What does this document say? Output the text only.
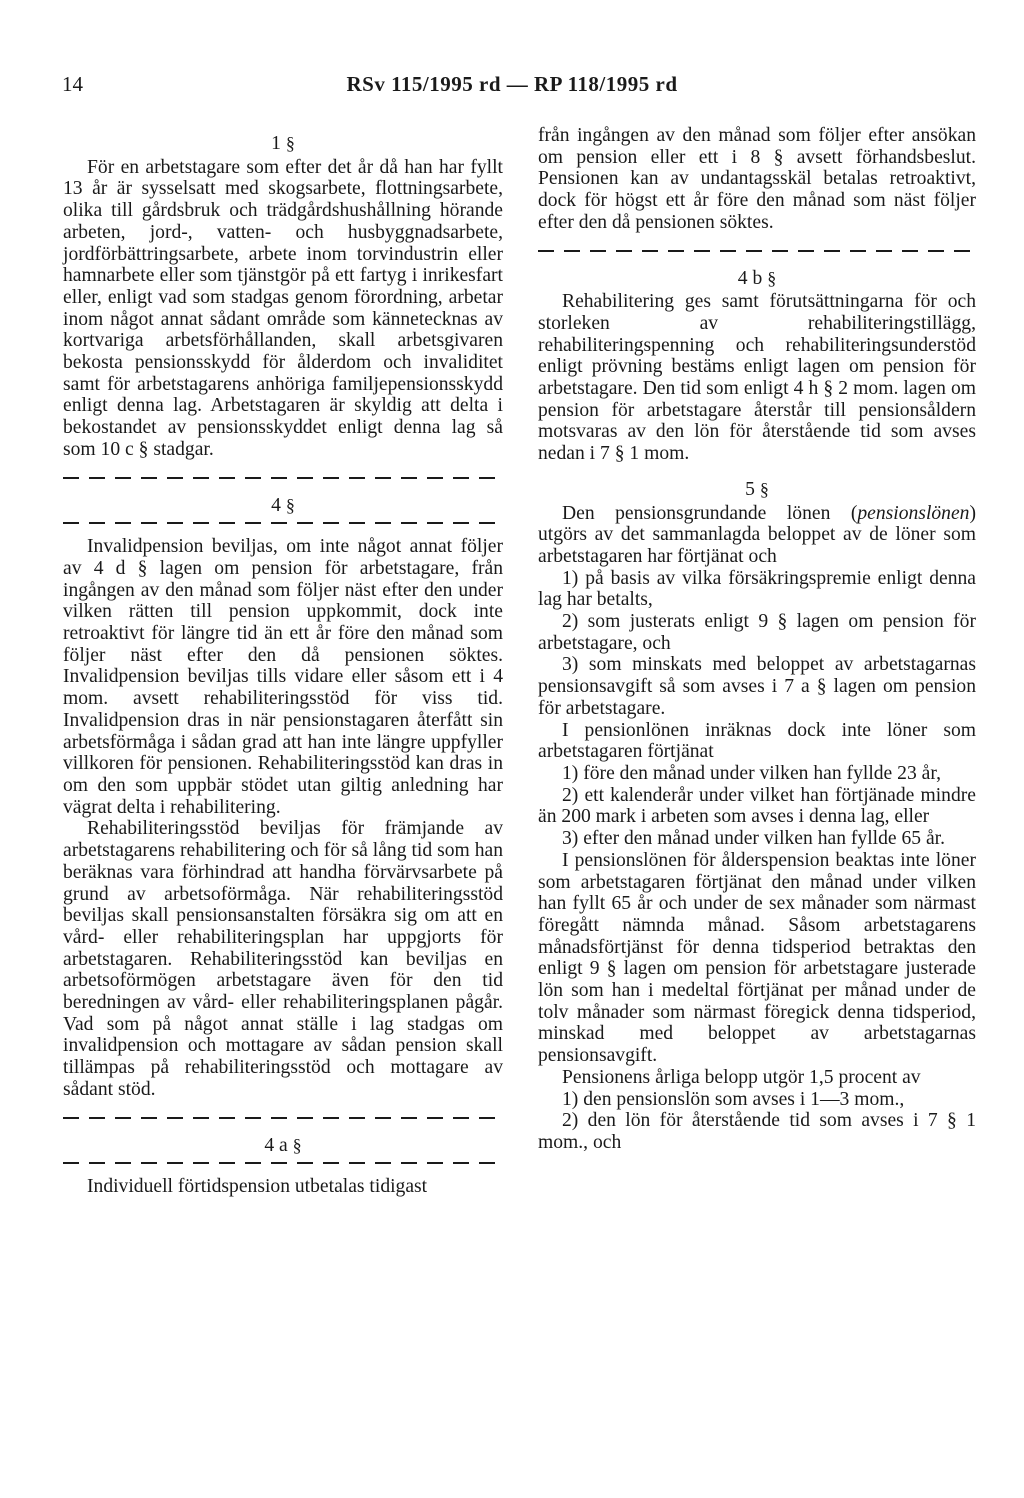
14	RSv 115/1995 rd — RP 118/1995 rd
1 §

För en arbetstagare som efter det år då han har fyllt 13 år är sysselsatt med skogsarbete, flottningsarbete, olika till gårdsbruk och trädgårdshushållning hörande arbeten, jord-, vatten- och husbyggnadsarbete, jordförbättringsarbete, arbete inom torvindustrin eller hamnarbete eller som tjänstgör på ett fartyg i inrikesfart eller, enligt vad som stadgas genom förordning, arbetar inom något annat sådant område som kännetecknas av kortvariga arbetsförhållanden, skall arbetsgivaren bekosta pensionsskydd för ålderdom och invaliditet samt för arbetstagarens anhöriga familjepensionsskydd enligt denna lag. Arbetstagaren är skyldig att delta i bekostandet av pensionsskyddet enligt denna lag så som 10 c § stadgar.

4 §

Invalidpension beviljas, om inte något annat följer av 4 d § lagen om pension för arbetstagare, från ingången av den månad som följer näst efter den under vilken rätten till pension uppkommit, dock inte retroaktivt för längre tid än ett år före den månad som följer näst efter den då pensionen söktes. Invalidpension beviljas tills vidare eller såsom ett i 4 mom. avsett rehabiliteringsstöd för viss tid. Invalidpension dras in när pensionstagaren återfått sin arbetsförmåga i sådan grad att han inte längre uppfyller villkoren för pensionen. Rehabiliteringsstöd kan dras in om den som uppbär stödet utan giltig anledning har vägrat delta i rehabilitering.

Rehabiliteringsstöd beviljas för främjande av arbetstagarens rehabilitering och för så lång tid som han beräknas vara förhindrad att handha förvärvsarbete på grund av arbetsoförmåga. När rehabiliteringsstöd beviljas skall pensionsanstalten försäkra sig om att en vård- eller rehabiliteringsplan har uppgjorts för arbetstagaren. Rehabiliteringsstöd kan beviljas en arbetsoförmögen arbetstagare även för den tid beredningen av vård- eller rehabiliteringsplanen pågår. Vad som på något annat ställe i lag stadgas om invalidpension och mottagare av sådan pension skall tillämpas på rehabiliteringsstöd och mottagare av sådant stöd.

4 a §

Individuell förtidspension utbetalas tidigast

från ingången av den månad som följer efter ansökan om pension eller ett i 8 § avsett förhandsbeslut. Pensionen kan av undantagsskäl betalas retroaktivt, dock för högst ett år före den månad som näst följer efter den då pensionen söktes.

4 b §

Rehabilitering ges samt förutsättningarna för och storleken av rehabiliteringstillägg, rehabiliteringspenning och rehabiliteringsunderstöd enligt prövning bestäms enligt lagen om pension för arbetstagare. Den tid som enligt 4 h § 2 mom. lagen om pension för arbetstagare återstår till pensionsåldern motsvaras av den lön för återstående tid som avses nedan i 7 § 1 mom.

5 §

Den pensionsgrundande lönen (pensionslönen) utgörs av det sammanlagda beloppet av de löner som arbetstagaren har förtjänat och

1) på basis av vilka försäkringspremie enligt denna lag har betalts,

2) som justerats enligt 9 § lagen om pension för arbetstagare, och

3) som minskats med beloppet av arbetstagarnas pensionsavgift så som avses i 7 a § lagen om pension för arbetstagare.

I pensionlönen inräknas dock inte löner som arbetstagaren förtjänat

1) före den månad under vilken han fyllde 23 år,

2) ett kalenderår under vilket han förtjänade mindre än 200 mark i arbeten som avses i denna lag, eller

3) efter den månad under vilken han fyllde 65 år.

I pensionslönen för ålderspension beaktas inte löner som arbetstagaren förtjänat den månad under vilken han fyllt 65 år och under de sex månader som närmast föregått nämnda månad. Såsom arbetstagarens månadsförtjänst för denna tidsperiod betraktas den enligt 9 § lagen om pension för arbetstagare justerade lön som han i medeltal förtjänat per månad under de tolv månader som närmast föregick denna tidsperiod, minskad med beloppet av arbetstagarnas pensionsavgift.

Pensionens årliga belopp utgör 1,5 procent av

1) den pensionslön som avses i 1—3 mom.,

2) den lön för återstående tid som avses i 7 § 1 mom., och
